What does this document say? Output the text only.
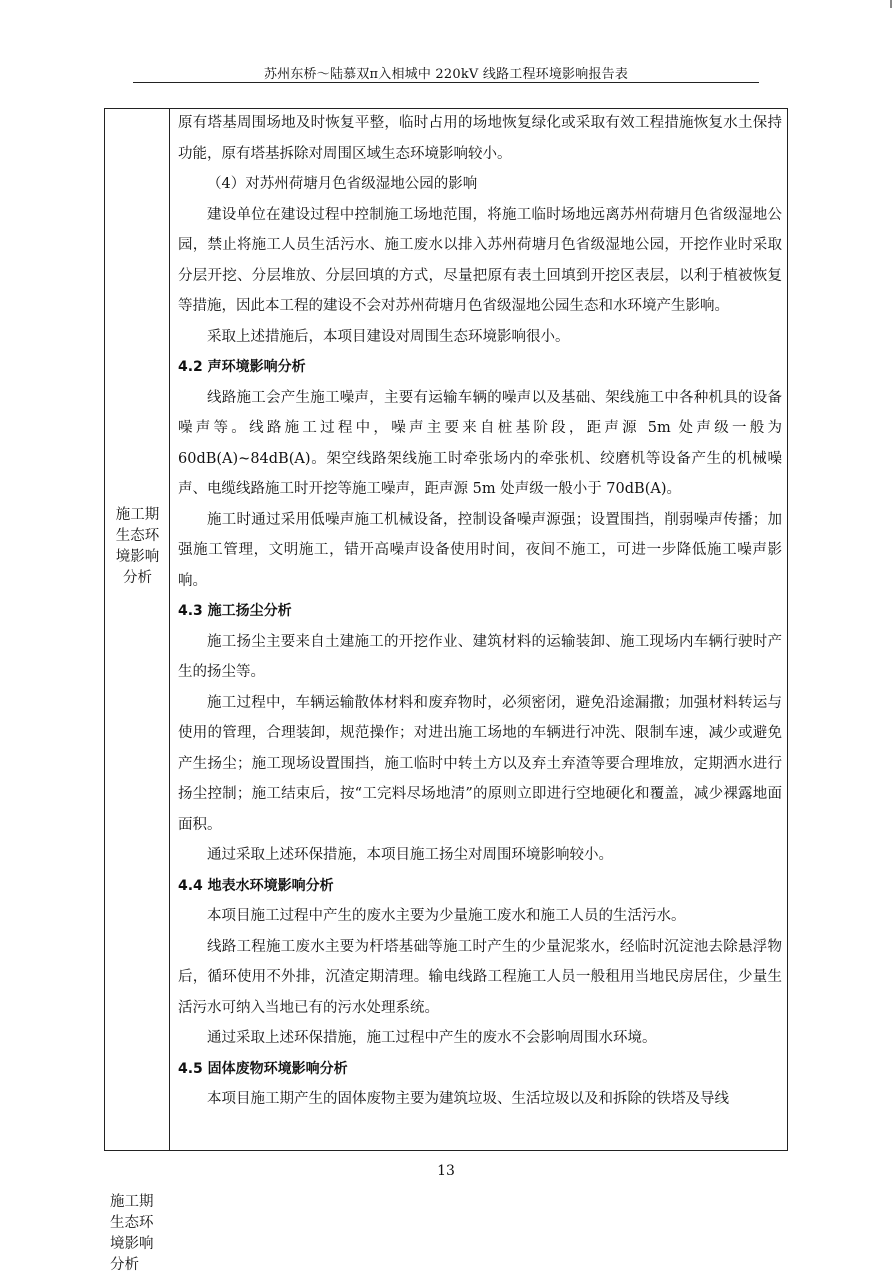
苏州东桥～陆慕双π入相城中 220kV 线路工程环境影响报告表
施工期
生态环
境影响
分析

原有塔基周围场地及时恢复平整，临时占用的场地恢复绿化或采取有效工程措施恢复水土保持功能，原有塔基拆除对周围区域生态环境影响较小。

（4）对苏州荷塘月色省级湿地公园的影响

建设单位在建设过程中控制施工场地范围，将施工临时场地远离苏州荷塘月色省级湿地公园，禁止将施工人员生活污水、施工废水以排入苏州荷塘月色省级湿地公园，开挖作业时采取分层开挖、分层堆放、分层回填的方式，尽量把原有表土回填到开挖区表层，以利于植被恢复等措施，因此本工程的建设不会对苏州荷塘月色省级湿地公园生态和水环境产生影响。

采取上述措施后，本项目建设对周围生态环境影响很小。

4.2 声环境影响分析

线路施工会产生施工噪声，主要有运输车辆的噪声以及基础、架线施工中各种机具的设备噪声等。线路施工过程中，噪声主要来自桩基阶段，距声源 5m 处声级一般为 60dB(A)~84dB(A)。架空线路架线施工时牵张场内的牵张机、绞磨机等设备产生的机械噪声、电缆线路施工时开挖等施工噪声，距声源 5m 处声级一般小于 70dB(A)。

施工时通过采用低噪声施工机械设备，控制设备噪声源强；设置围挡，削弱噪声传播；加强施工管理，文明施工，错开高噪声设备使用时间，夜间不施工，可进一步降低施工噪声影响。

4.3 施工扬尘分析

施工扬尘主要来自土建施工的开挖作业、建筑材料的运输装卸、施工现场内车辆行驶时产生的扬尘等。

施工过程中，车辆运输散体材料和废弃物时，必须密闭，避免沿途漏撒；加强材料转运与使用的管理，合理装卸，规范操作；对进出施工场地的车辆进行冲洗、限制车速，减少或避免产生扬尘；施工现场设置围挡，施工临时中转土方以及弃土弃渣等要合理堆放，定期洒水进行扬尘控制；施工结束后，按“工完料尽场地清”的原则立即进行空地硬化和覆盖，减少裸露地面面积。

通过采取上述环保措施，本项目施工扬尘对周围环境影响较小。

4.4 地表水环境影响分析

本项目施工过程中产生的废水主要为少量施工废水和施工人员的生活污水。

线路工程施工废水主要为杆塔基础等施工时产生的少量泥浆水，经临时沉淀池去除悬浮物后，循环使用不外排，沉渣定期清理。输电线路工程施工人员一般租用当地民房居住，少量生活污水可纳入当地已有的污水处理系统。

通过采取上述环保措施，施工过程中产生的废水不会影响周围水环境。

4.5 固体废物环境影响分析

本项目施工期产生的固体废物主要为建筑垃圾、生活垃圾以及和拆除的铁塔及导线

13
施工期
生态环
境影响
分析
